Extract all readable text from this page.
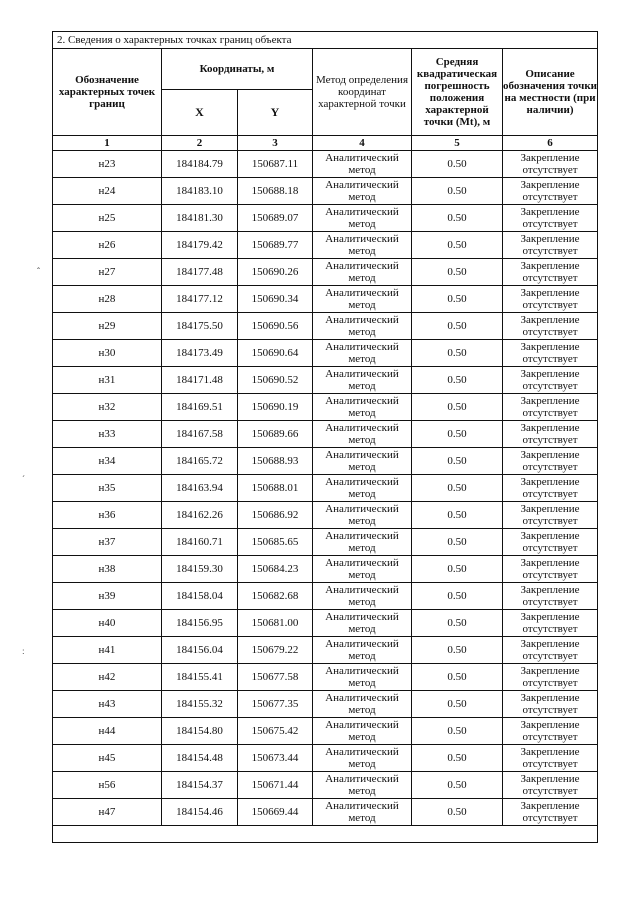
ˆ
ˊ
˸
2. Сведения о характерных точках границ объекта					
Обозначение характерных точек границ	Координаты, м		Метод определения координат характерной точки	Средняя квадратическая погрешность положения характерной точки (Mt), м	Описание обозначения точки на местности (при наличии)
	X	Y			
1	2	3	4	5	6
н23	184184.79	150687.11	Аналитический метод	0.50	Закрепление отсутствует
н24	184183.10	150688.18	Аналитический метод	0.50	Закрепление отсутствует
н25	184181.30	150689.07	Аналитический метод	0.50	Закрепление отсутствует
н26	184179.42	150689.77	Аналитический метод	0.50	Закрепление отсутствует
н27	184177.48	150690.26	Аналитический метод	0.50	Закрепление отсутствует
н28	184177.12	150690.34	Аналитический метод	0.50	Закрепление отсутствует
н29	184175.50	150690.56	Аналитический метод	0.50	Закрепление отсутствует
н30	184173.49	150690.64	Аналитический метод	0.50	Закрепление отсутствует
н31	184171.48	150690.52	Аналитический метод	0.50	Закрепление отсутствует
н32	184169.51	150690.19	Аналитический метод	0.50	Закрепление отсутствует
н33	184167.58	150689.66	Аналитический метод	0.50	Закрепление отсутствует
н34	184165.72	150688.93	Аналитический метод	0.50	Закрепление отсутствует
н35	184163.94	150688.01	Аналитический метод	0.50	Закрепление отсутствует
н36	184162.26	150686.92	Аналитический метод	0.50	Закрепление отсутствует
н37	184160.71	150685.65	Аналитический метод	0.50	Закрепление отсутствует
н38	184159.30	150684.23	Аналитический метод	0.50	Закрепление отсутствует
н39	184158.04	150682.68	Аналитический метод	0.50	Закрепление отсутствует
н40	184156.95	150681.00	Аналитический метод	0.50	Закрепление отсутствует
н41	184156.04	150679.22	Аналитический метод	0.50	Закрепление отсутствует
н42	184155.41	150677.58	Аналитический метод	0.50	Закрепление отсутствует
н43	184155.32	150677.35	Аналитический метод	0.50	Закрепление отсутствует
н44	184154.80	150675.42	Аналитический метод	0.50	Закрепление отсутствует
н45	184154.48	150673.44	Аналитический метод	0.50	Закрепление отсутствует
н56	184154.37	150671.44	Аналитический метод	0.50	Закрепление отсутствует
н47	184154.46	150669.44	Аналитический метод	0.50	Закрепление отсутствует
